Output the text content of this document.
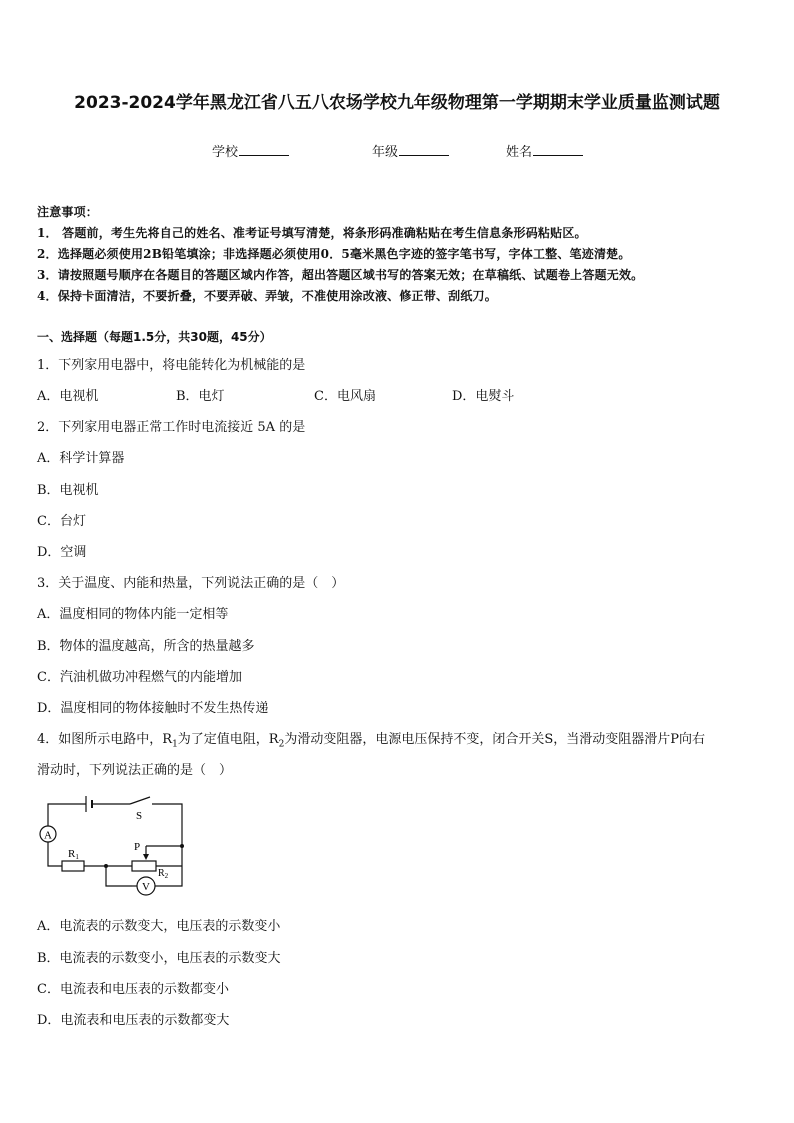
2023-2024学年黑龙江省八五八农场学校九年级物理第一学期期末学业质量监测试题
学校	年级	姓名
注意事项：
1． 答题前，考生先将自己的姓名、准考证号填写清楚，将条形码准确粘贴在考生信息条形码粘贴区。
2．选择题必须使用2B铅笔填涂；非选择题必须使用0．5毫米黑色字迹的签字笔书写，字体工整、笔迹清楚。
3．请按照题号顺序在各题目的答题区域内作答，超出答题区域书写的答案无效；在草稿纸、试题卷上答题无效。
4．保持卡面清洁，不要折叠，不要弄破、弄皱，不准使用涂改液、修正带、刮纸刀。
一、选择题（每题1.5分，共30题，45分）
1．下列家用电器中，将电能转化为机械能的是
A．电视机	B．电灯	C．电风扇	D．电熨斗
2．下列家用电器正常工作时电流接近 5A 的是
A．科学计算器
B．电视机
C．台灯
D．空调
3．关于温度、内能和热量，下列说法正确的是（　）
A．温度相同的物体内能一定相等
B．物体的温度越高，所含的热量越多
C．汽油机做功冲程燃气的内能增加
D．温度相同的物体接触时不发生热传递
4．如图所示电路中，$R_1$为了定值电阻，$R_2$为滑动变阻器，电源电压保持不变，闭合开关S，当滑动变阻器滑片P向右
滑动时，下列说法正确的是（　）
A
V
S
R1
P
$R_2$
A．电流表的示数变大，电压表的示数变小
B．电流表的示数变小，电压表的示数变大
C．电流表和电压表的示数都变小
D．电流表和电压表的示数都变大
